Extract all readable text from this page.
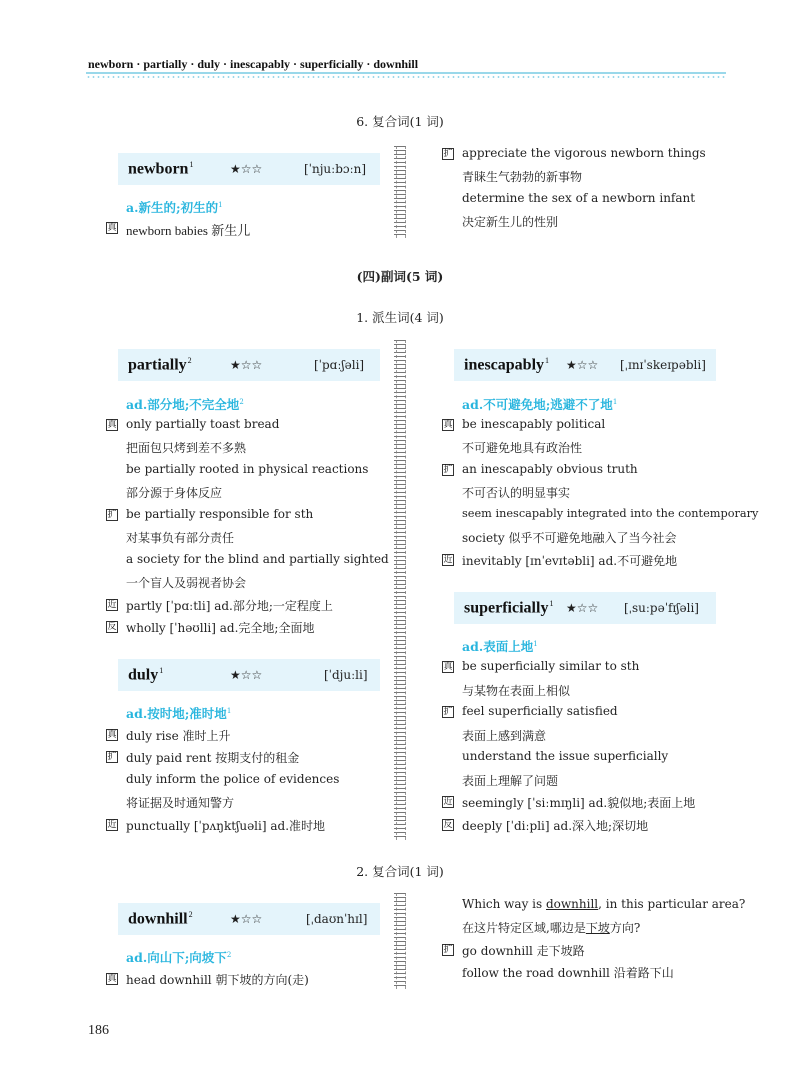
newborn · partially · duly · inescapably · superficially · downhill
6. 复合词(1 词)
newborn$^1$	★☆☆	[ˈnjuːbɔːn]
a.新生的;初生的$^1$
真 newborn babies 新生儿
扩 appreciate the vigorous newborn things
青睐生气勃勃的新事物
determine the sex of a newborn infant
决定新生儿的性别
(四)副词(5 词)
1. 派生词(4 词)
partially$^2$	★☆☆	[ˈpɑːʃəli]
ad.部分地;不完全地$^2$
真 only partially toast bread
把面包只烤到差不多熟
be partially rooted in physical reactions
部分源于身体反应
扩 be partially responsible for sth
对某事负有部分责任
a society for the blind and partially sighted
一个盲人及弱视者协会
近 partly [ˈpɑːtli] ad.部分地;一定程度上
反 wholly [ˈhəʊlli] ad.完全地;全面地
duly$^1$	★☆☆	[ˈdjuːli]
ad.按时地;准时地$^1$
真 duly rise 准时上升
扩 duly paid rent 按期支付的租金
duly inform the police of evidences
将证据及时通知警方
近 punctually [ˈpʌŋktʃuəli] ad.准时地
inescapably$^1$ ★☆☆ [ˌɪnɪˈskeɪpəbli]
ad.不可避免地;逃避不了地$^1$
真 be inescapably political
不可避免地具有政治性
扩 an inescapably obvious truth
不可否认的明显事实
seem inescapably integrated into the contemporary
society 似乎不可避免地融入了当今社会
近 inevitably [ɪnˈevɪtəbli] ad.不可避免地
superficially$^1$ ★☆☆ [ˌsuːpəˈfɪʃəli]
ad.表面上地$^1$
真 be superficially similar to sth
与某物在表面上相似
扩 feel superficially satisfied
表面上感到满意
understand the issue superficially
表面上理解了问题
近 seemingly [ˈsiːmɪŋli] ad.貌似地;表面上地
反 deeply [ˈdiːpli] ad.深入地;深切地
2. 复合词(1 词)
downhill$^2$	★☆☆	[ˌdaʊnˈhɪl]
ad.向山下;向坡下$^2$
真 head downhill 朝下坡的方向(走)
Which way is downhill, in this particular area?
在这片特定区域,哪边是下坡方向?
扩 go downhill 走下坡路
follow the road downhill 沿着路下山
186
